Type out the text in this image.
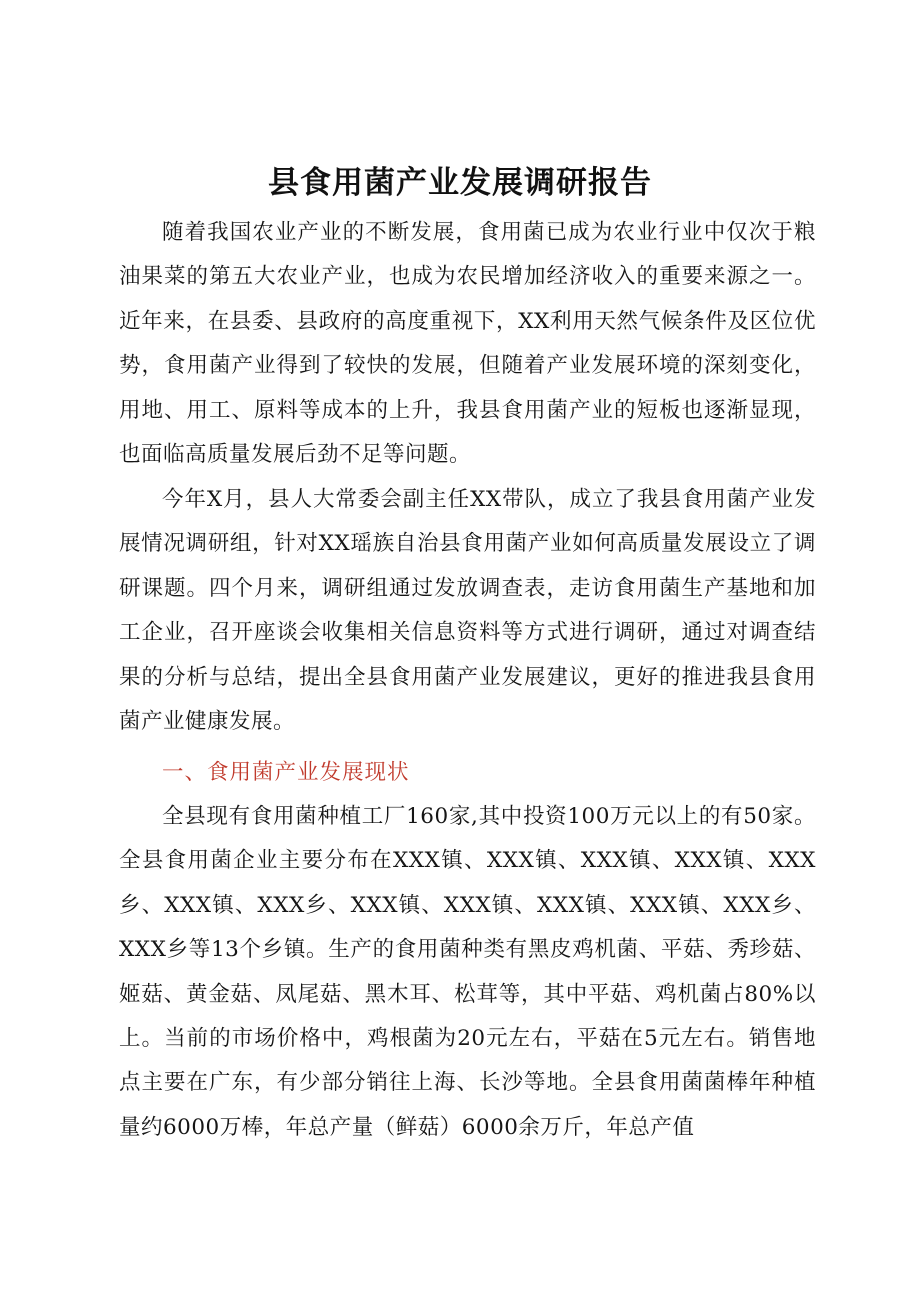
县食用菌产业发展调研报告

随着我国农业产业的不断发展，食用菌已成为农业行业中仅次于粮油果菜的第五大农业产业，也成为农民增加经济收入的重要来源之一。近年来，在县委、县政府的高度重视下，XX利用天然气候条件及区位优势，食用菌产业得到了较快的发展，但随着产业发展环境的深刻变化，用地、用工、原料等成本的上升，我县食用菌产业的短板也逐渐显现，也面临高质量发展后劲不足等问题。

今年X月，县人大常委会副主任XX带队，成立了我县食用菌产业发展情况调研组，针对XX瑶族自治县食用菌产业如何高质量发展设立了调研课题。四个月来，调研组通过发放调查表，走访食用菌生产基地和加工企业，召开座谈会收集相关信息资料等方式进行调研，通过对调查结果的分析与总结，提出全县食用菌产业发展建议，更好的推进我县食用菌产业健康发展。

一、食用菌产业发展现状

全县现有食用菌种植工厂160家,其中投资100万元以上的有50家。全县食用菌企业主要分布在XXX镇、XXX镇、XXX镇、XXX镇、XXX乡、XXX镇、XXX乡、XXX镇、XXX镇、XXX镇、XXX镇、XXX乡、XXX乡等13个乡镇。生产的食用菌种类有黑皮鸡机菌、平菇、秀珍菇、姬菇、黄金菇、凤尾菇、黑木耳、松茸等，其中平菇、鸡机菌占80%以上。当前的市场价格中，鸡根菌为20元左右，平菇在5元左右。销售地点主要在广东，有少部分销往上海、长沙等地。全县食用菌菌棒年种植量约6000万棒，年总产量（鲜菇）6000余万斤，年总产值
